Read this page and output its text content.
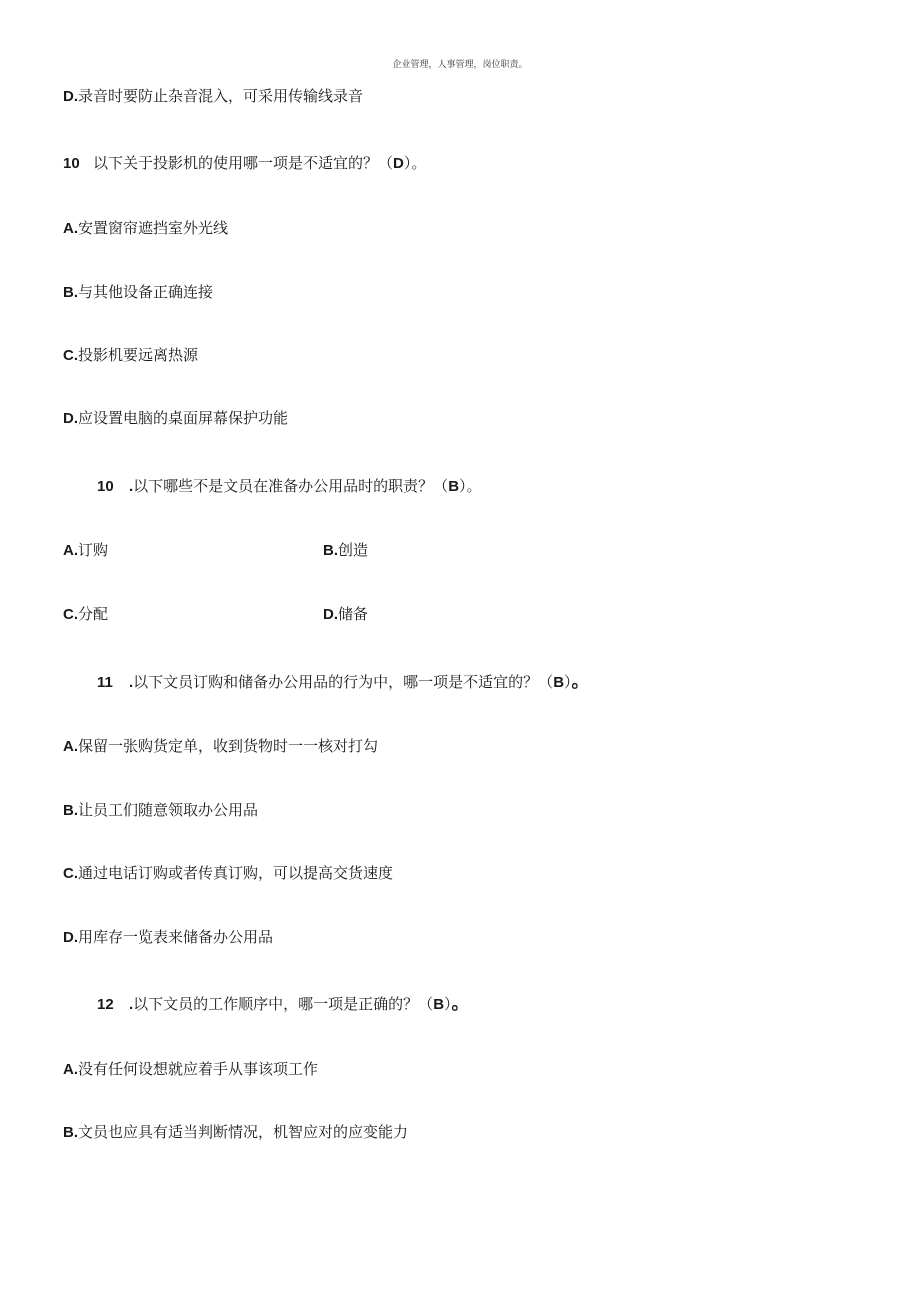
企业管理，人事管理，岗位职责。
D.录音时要防止杂音混入，可采用传输线录音
10 以下关于投影机的使用哪一项是不适宜的？（D）。
A.安置窗帘遮挡室外光线
B.与其他设备正确连接
C.投影机要远离热源
D.应设置电脑的桌面屏幕保护功能
10 .以下哪些不是文员在准备办公用品时的职责？（B）。
A.订购	B.创造
C.分配	D.储备
11 .以下文员订购和储备办公用品的行为中，哪一项是不适宜的？（B）。
A.保留一张购货定单，收到货物时一一核对打勾
B.让员工们随意领取办公用品
C.通过电话订购或者传真订购，可以提高交货速度
D.用库存一览表来储备办公用品
12 .以下文员的工作顺序中，哪一项是正确的？（B）。
A.没有任何设想就应着手从事该项工作
B.文员也应具有适当判断情况，机智应对的应变能力
